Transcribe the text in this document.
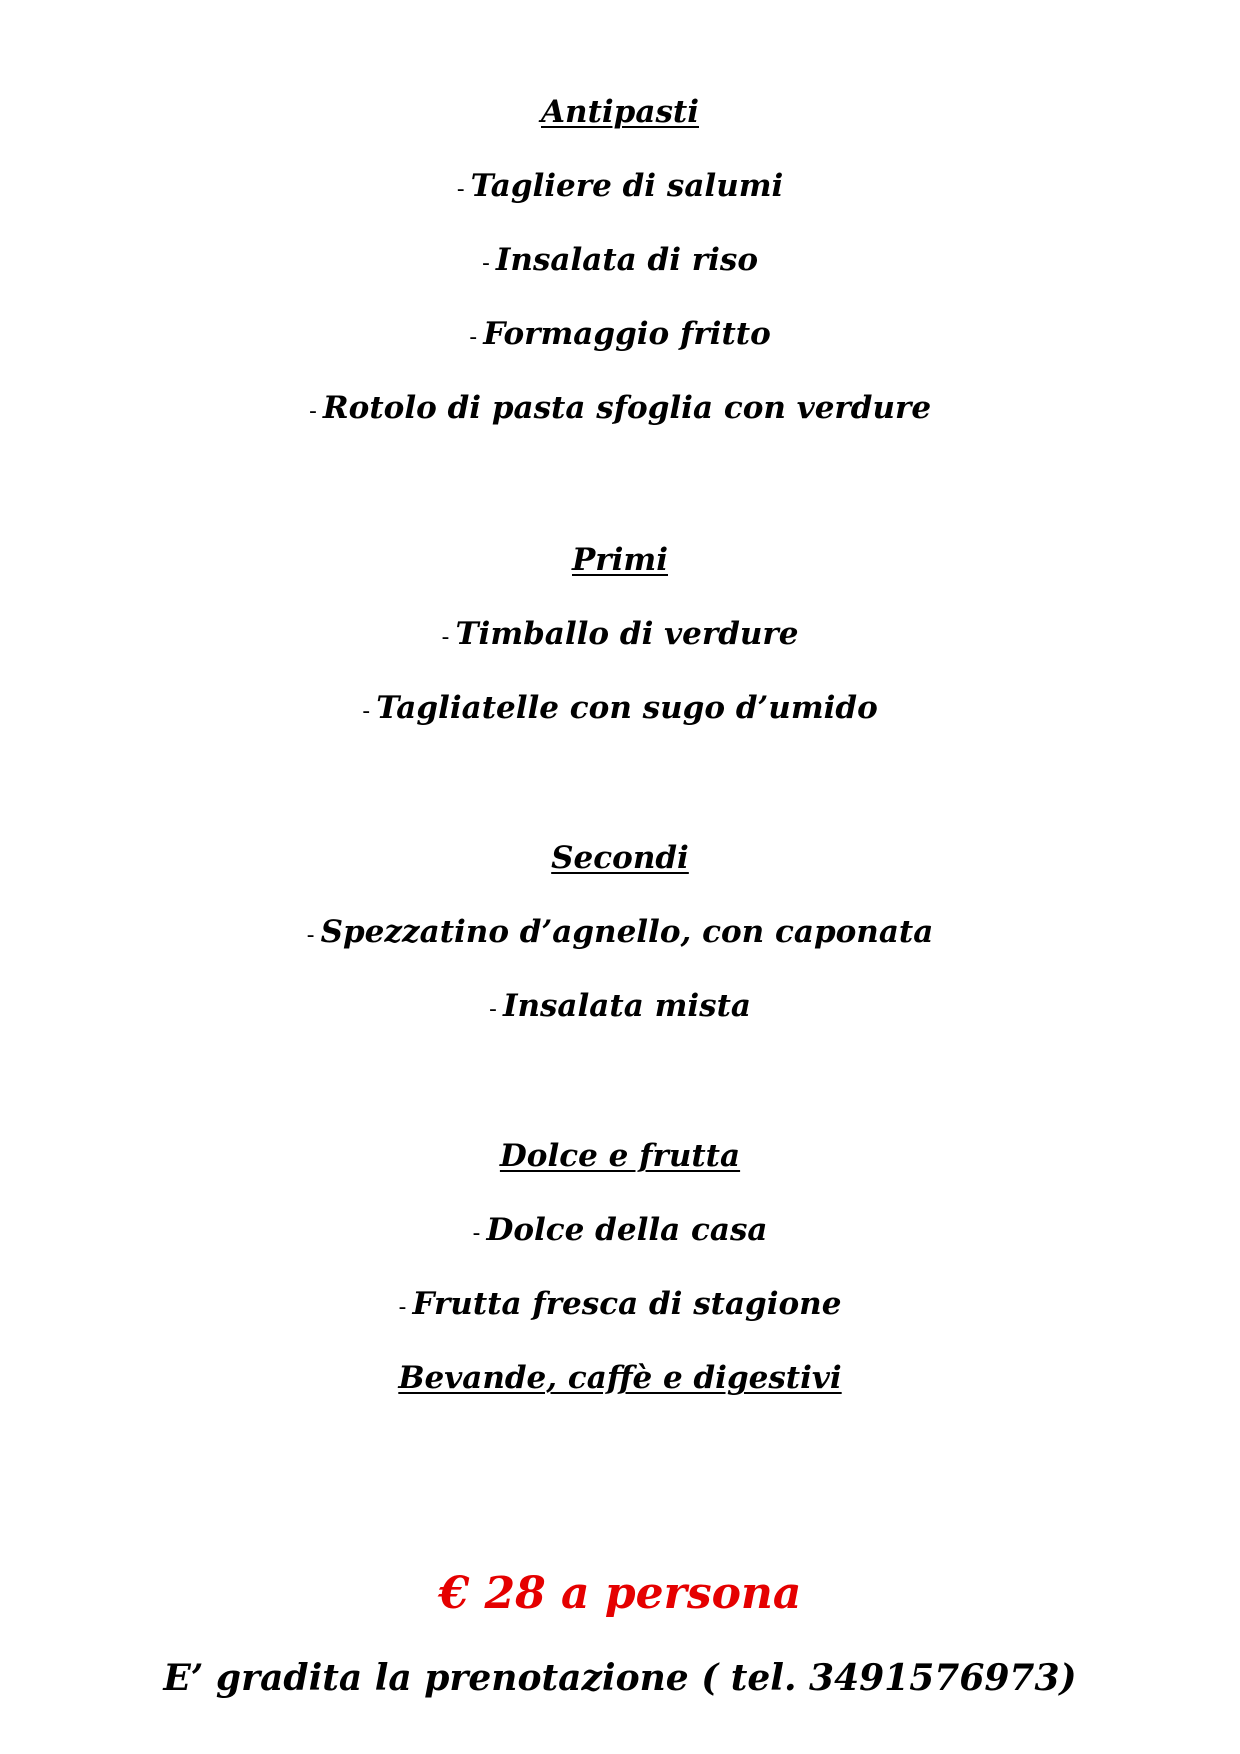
Antipasti
- Tagliere di salumi
- Insalata di riso
- Formaggio fritto
- Rotolo di pasta sfoglia con verdure
Primi
- Timballo di verdure
- Tagliatelle con sugo d’umido
Secondi
- Spezzatino d’agnello, con caponata
- Insalata mista
Dolce e frutta
- Dolce della casa
- Frutta fresca di stagione
Bevande, caffè e digestivi
€ 28 a persona
E’ gradita la prenotazione ( tel. 3491576973)
